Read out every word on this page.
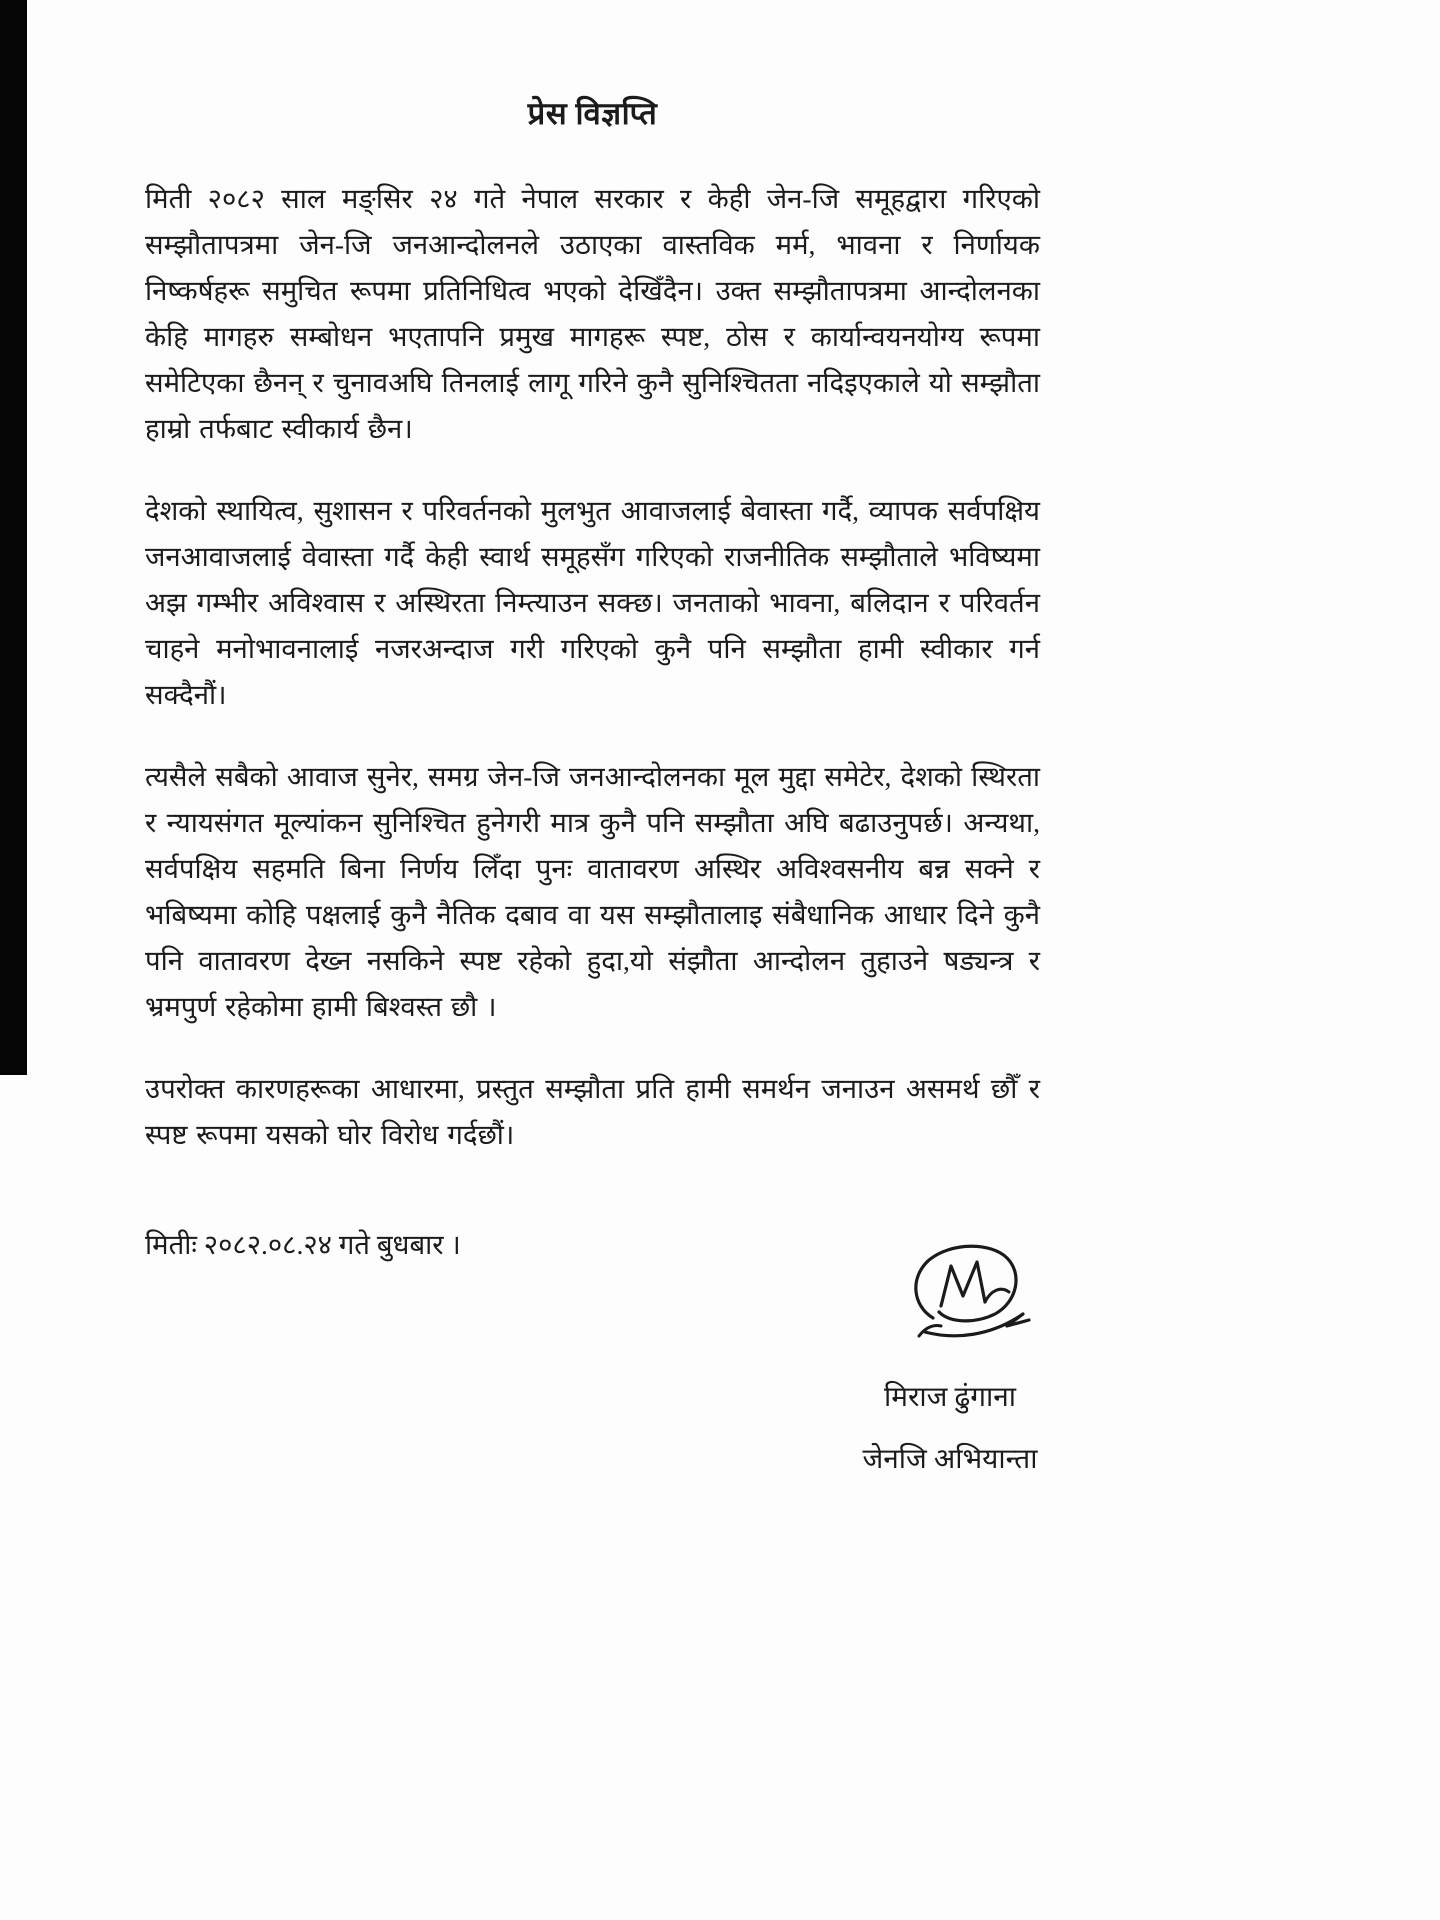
प्रेस विज्ञप्ति

मिती २०८२ साल मङ्सिर २४ गते नेपाल सरकार र केही जेन-जि समूहद्वारा गरिएको सम्झौतापत्रमा जेन-जि जनआन्दोलनले उठाएका वास्तविक मर्म, भावना र निर्णायक निष्कर्षहरू समुचित रूपमा प्रतिनिधित्व भएको देखिँदैन। उक्त सम्झौतापत्रमा आन्दोलनका केहि मागहरु सम्बोधन भएतापनि प्रमुख मागहरू स्पष्ट, ठोस र कार्यान्वयनयोग्य रूपमा समेटिएका छैनन् र चुनावअघि तिनलाई लागू गरिने कुनै सुनिश्चितता नदिइएकाले यो सम्झौता हाम्रो तर्फबाट स्वीकार्य छैन।

देशको स्थायित्व, सुशासन र परिवर्तनको मुलभुत आवाजलाई बेवास्ता गर्दै, व्यापक सर्वपक्षिय जनआवाजलाई वेवास्ता गर्दै केही स्वार्थ समूहसँग गरिएको राजनीतिक सम्झौताले भविष्यमा अझ गम्भीर अविश्वास र अस्थिरता निम्त्याउन सक्छ। जनताको भावना, बलिदान र परिवर्तन चाहने मनोभावनालाई नजरअन्दाज गरी गरिएको कुनै पनि सम्झौता हामी स्वीकार गर्न सक्दैनौं।

त्यसैले सबैको आवाज सुनेर, समग्र जेन-जि जनआन्दोलनका मूल मुद्दा समेटेर, देशको स्थिरता र न्यायसंगत मूल्यांकन सुनिश्चित हुनेगरी मात्र कुनै पनि सम्झौता अघि बढाउनुपर्छ। अन्यथा, सर्वपक्षिय सहमति बिना निर्णय लिँदा पुनः वातावरण अस्थिर अविश्वसनीय बन्न सक्ने र भबिष्यमा कोहि पक्षलाई कुनै नैतिक दबाव वा यस सम्झौतालाइ संबैधानिक आधार दिने कुनै पनि वातावरण देख्न नसकिने स्पष्ट रहेको हुदा,यो संझौता आन्दोलन तुहाउने षड्यन्त्र र भ्रमपुर्ण रहेकोमा हामी बिश्वस्त छौ ।

उपरोक्त कारणहरूका आधारमा, प्रस्तुत सम्झौता प्रति हामी समर्थन जनाउन असमर्थ छौँ र स्पष्ट रूपमा यसको घोर विरोध गर्दछौं।

मितीः २०८२.०८.२४ गते बुधबार ।

मिराज ढुंगाना
जेनजि अभियान्ता
